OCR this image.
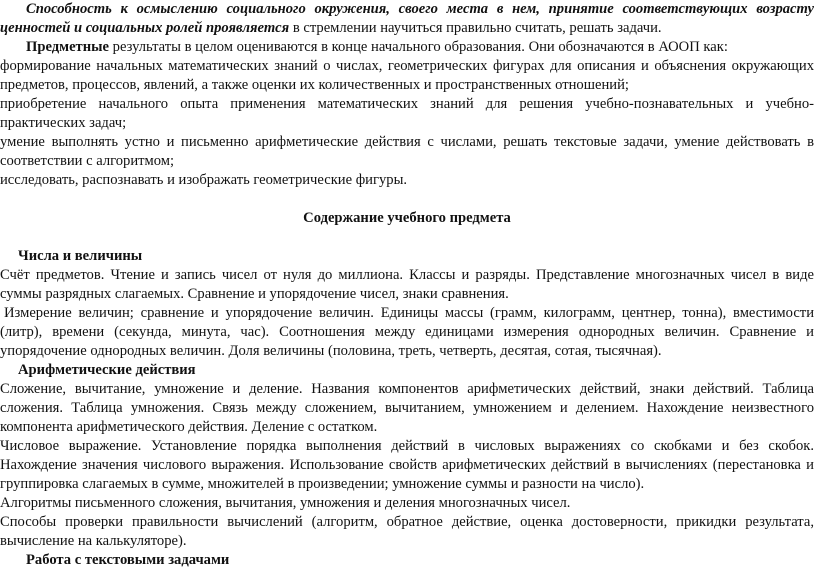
Способность к осмыслению социального окружения, своего места в нем, принятие соответствующих возрасту ценностей и социальных ролей проявляется в стремлении научиться правильно считать, решать задачи.

Предметные результаты в целом оцениваются в конце начального образования. Они обозначаются в АООП как:

формирование начальных математических знаний о числах, геометрических фигурах для описания и объяснения окружающих предметов, процессов, явлений, а также оценки их количественных и пространственных отношений;

приобретение начального опыта применения математических знаний для решения учебно-познавательных и учебно-практических задач;

умение выполнять устно и письменно арифметические действия с числами, решать текстовые задачи, умение действовать в соответствии с алгоритмом;

исследовать, распознавать и изображать геометрические фигуры.

Содержание учебного предмета

Числа и величины

Счёт предметов. Чтение и запись чисел от нуля до миллиона. Классы и разряды. Представление многозначных чисел в виде суммы разрядных слагаемых. Сравнение и упорядочение чисел, знаки сравнения.

Измерение величин; сравнение и упорядочение величин. Единицы массы (грамм, килограмм, центнер, тонна), вместимости (литр), времени (секунда, минута, час). Соотношения между единицами измерения однородных величин. Сравнение и упорядочение однородных величин. Доля величины (половина, треть, четверть, десятая, сотая, тысячная).

Арифметические действия

Сложение, вычитание, умножение и деление. Названия компонентов арифметических действий, знаки действий. Таблица сложения. Таблица умножения. Связь между сложением, вычитанием, умножением и делением. Нахождение неизвестного компонента арифметического действия. Деление с остатком.

Числовое выражение. Установление порядка выполнения действий в числовых выражениях со скобками и без скобок. Нахождение значения числового выражения. Использование свойств арифметических действий в вычислениях (перестановка и группировка слагаемых в сумме, множителей в произведении; умножение суммы и разности на число).

Алгоритмы письменного сложения, вычитания, умножения и деления многозначных чисел.

Способы проверки правильности вычислений (алгоритм, обратное действие, оценка достоверности, прикидки результата, вычисление на калькуляторе).

Работа с текстовыми задачами
